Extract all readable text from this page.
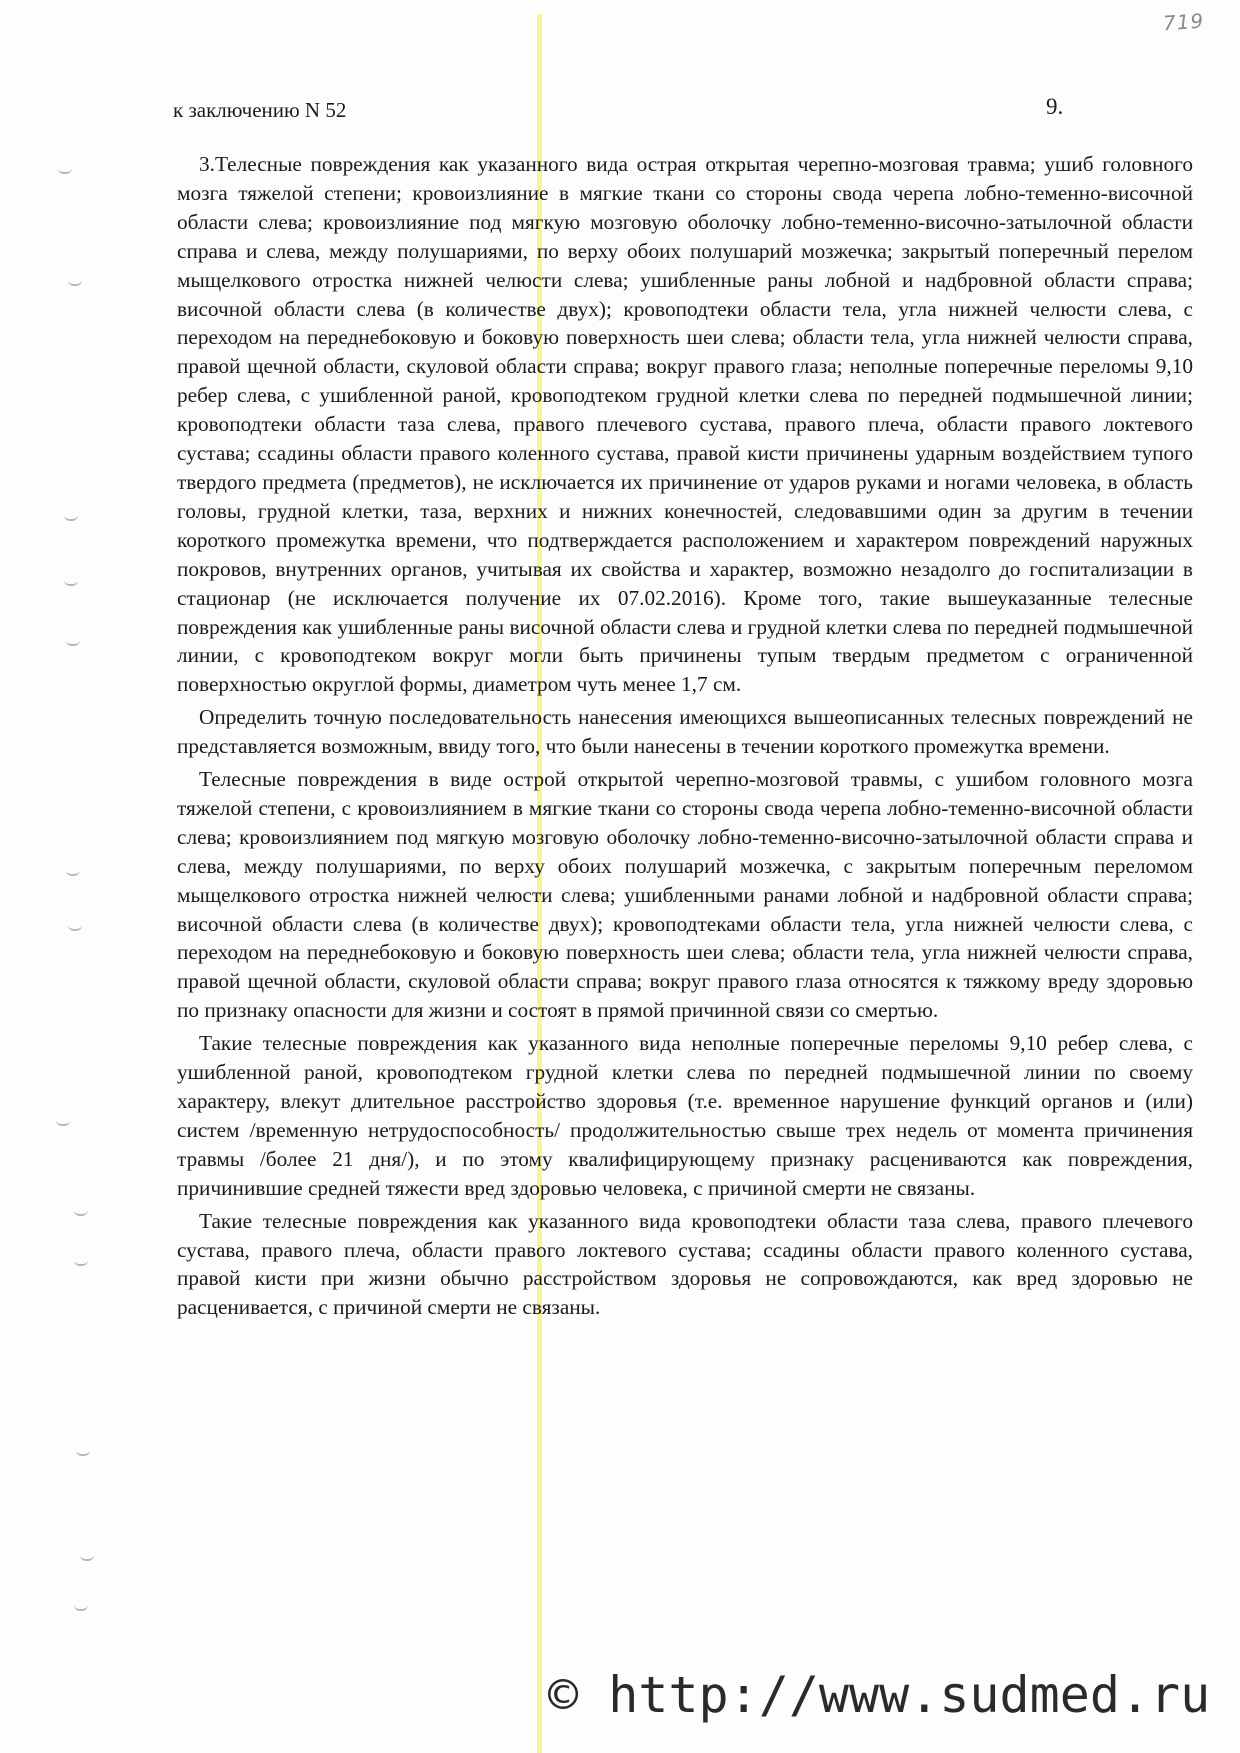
719
к заключению N 52	9.

3.Телесные повреждения как указанного вида острая открытая черепно-мозговая травма; ушиб головного мозга тяжелой степени; кровоизлияние в мягкие ткани со стороны свода черепа лобно-теменно-височной области слева; кровоизлияние под мягкую мозговую оболочку лобно-теменно-височно-затылочной области справа и слева, между полушариями, по верху обоих полушарий мозжечка; закрытый поперечный перелом мыщелкового отростка нижней челюсти слева; ушибленные раны лобной и надбровной области справа; височной области слева (в количестве двух); кровоподтеки области тела, угла нижней челюсти слева, с переходом на переднебоковую и боковую поверхность шеи слева; области тела, угла нижней челюсти справа, правой щечной области, скуловой области справа; вокруг правого глаза; неполные поперечные переломы 9,10 ребер слева, с ушибленной раной, кровоподтеком грудной клетки слева по передней подмышечной линии; кровоподтеки области таза слева, правого плечевого сустава, правого плеча, области правого локтевого сустава; ссадины области правого коленного сустава, правой кисти причинены ударным воздействием тупого твердого предмета (предметов), не исключается их причинение от ударов руками и ногами человека, в область головы, грудной клетки, таза, верхних и нижних конечностей, следовавшими один за другим в течении короткого промежутка времени, что подтверждается расположением и характером повреждений наружных покровов, внутренних органов, учитывая их свойства и характер, возможно незадолго до госпитализации в стационар (не исключается получение их 07.02.2016). Кроме того, такие вышеуказанные телесные повреждения как ушибленные раны височной области слева и грудной клетки слева по передней подмышечной линии, с кровоподтеком вокруг могли быть причинены тупым твердым предметом с ограниченной поверхностью округлой формы, диаметром чуть менее 1,7 см.

Определить точную последовательность нанесения имеющихся вышеописанных телесных повреждений не представляется возможным, ввиду того, что были нанесены в течении короткого промежутка времени.

Телесные повреждения в виде острой открытой черепно-мозговой травмы, с ушибом головного мозга тяжелой степени, с кровоизлиянием в мягкие ткани со стороны свода черепа лобно-теменно-височной области слева; кровоизлиянием под мягкую мозговую оболочку лобно-теменно-височно-затылочной области справа и слева, между полушариями, по верху обоих полушарий мозжечка, с закрытым поперечным переломом мыщелкового отростка нижней челюсти слева; ушибленными ранами лобной и надбровной области справа; височной области слева (в количестве двух); кровоподтеками области тела, угла нижней челюсти слева, с переходом на переднебоковую и боковую поверхность шеи слева; области тела, угла нижней челюсти справа, правой щечной области, скуловой области справа; вокруг правого глаза относятся к тяжкому вреду здоровью по признаку опасности для жизни и состоят в прямой причинной связи со смертью.

Такие телесные повреждения как указанного вида неполные поперечные переломы 9,10 ребер слева, с ушибленной раной, кровоподтеком грудной клетки слева по передней подмышечной линии по своему характеру, влекут длительное расстройство здоровья (т.е. временное нарушение функций органов и (или) систем /временную нетрудоспособность/ продолжительностью свыше трех недель от момента причинения травмы /более 21 дня/), и по этому квалифицирующему признаку расцениваются как повреждения, причинившие средней тяжести вред здоровью человека, с причиной смерти не связаны.

Такие телесные повреждения как указанного вида кровоподтеки области таза слева, правого плечевого сустава, правого плеча, области правого локтевого сустава; ссадины области правого коленного сустава, правой кисти при жизни обычно расстройством здоровья не сопровождаются, как вред здоровью не расценивается, с причиной смерти не связаны.

© http://www.sudmed.ru
